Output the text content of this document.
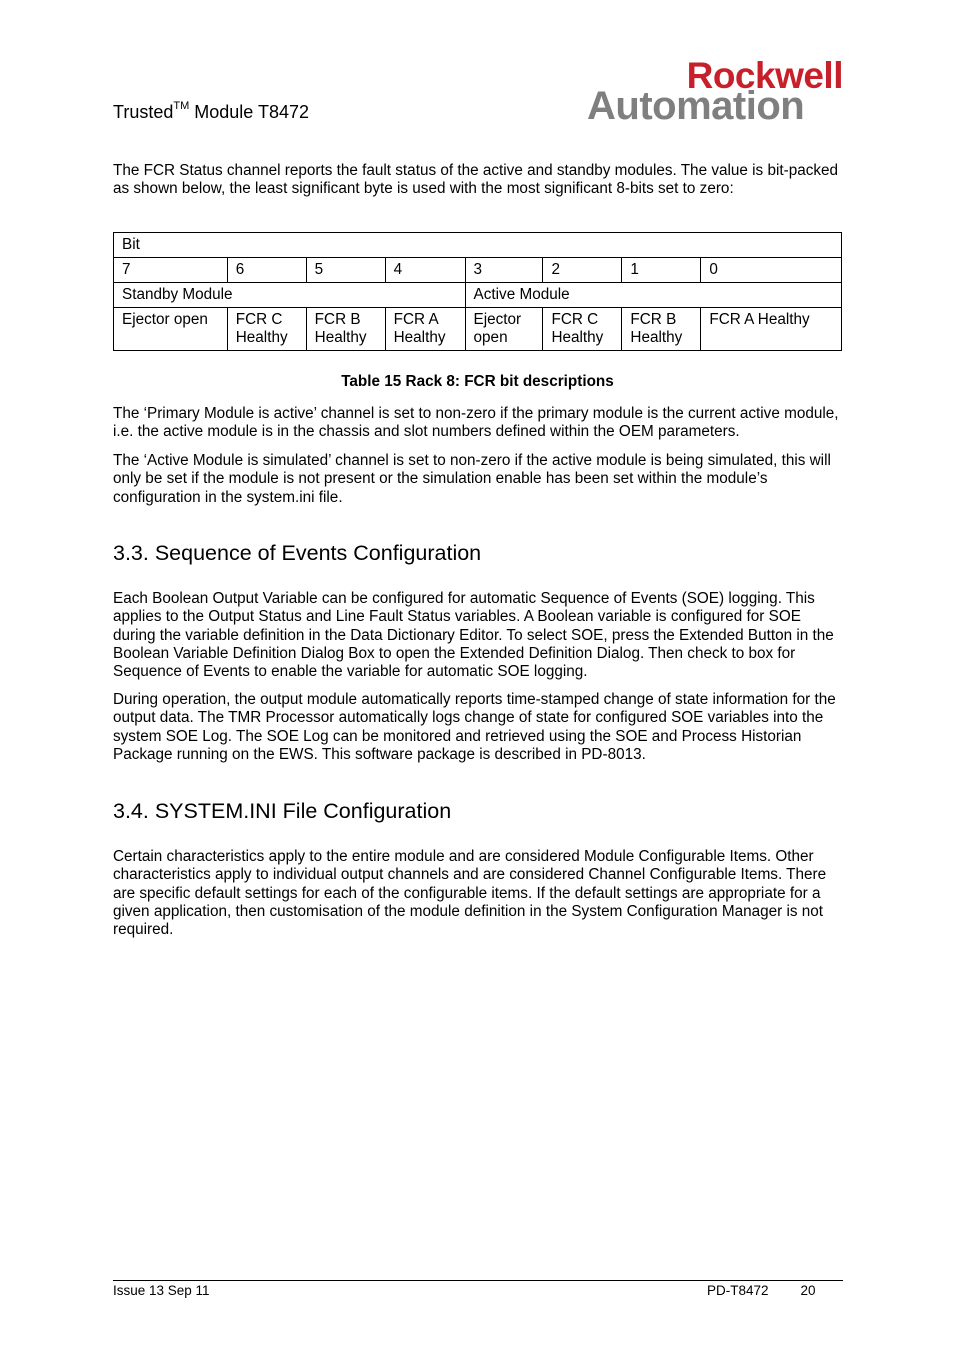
Trusted™ Module T8472
Rockwell
Automation

The FCR Status channel reports the fault status of the active and standby modules. The value is bit-packed as shown below, the least significant byte is used with the most significant 8-bits set to zero:

Bit							
7	6	5	4	3	2	1	0
Standby Module				Active Module			
Ejector open	FCR C Healthy	FCR B Healthy	FCR A Healthy	Ejector open	FCR C Healthy	FCR B Healthy	FCR A Healthy
Table 15 Rack 8: FCR bit descriptions

The ‘Primary Module is active’ channel is set to non-zero if the primary module is the current active module, i.e. the active module is in the chassis and slot numbers defined within the OEM parameters.

The ‘Active Module is simulated’ channel is set to non-zero if the active module is being simulated, this will only be set if the module is not present or the simulation enable has been set within the module’s configuration in the system.ini file.

3.3. Sequence of Events Configuration

Each Boolean Output Variable can be configured for automatic Sequence of Events (SOE) logging. This applies to the Output Status and Line Fault Status variables. A Boolean variable is configured for SOE during the variable definition in the Data Dictionary Editor. To select SOE, press the Extended Button in the Boolean Variable Definition Dialog Box to open the Extended Definition Dialog. Then check to box for Sequence of Events to enable the variable for automatic SOE logging.

During operation, the output module automatically reports time-stamped change of state information for the output data. The TMR Processor automatically logs change of state for configured SOE variables into the system SOE Log. The SOE Log can be monitored and retrieved using the SOE and Process Historian Package running on the EWS. This software package is described in PD-8013.

3.4. SYSTEM.INI File Configuration

Certain characteristics apply to the entire module and are considered Module Configurable Items. Other characteristics apply to individual output channels and are considered Channel Configurable Items. There are specific default settings for each of the configurable items. If the default settings are appropriate for a given application, then customisation of the module definition in the System Configuration Manager is not required.

Issue 13 Sep 11	PD-T8472 20
